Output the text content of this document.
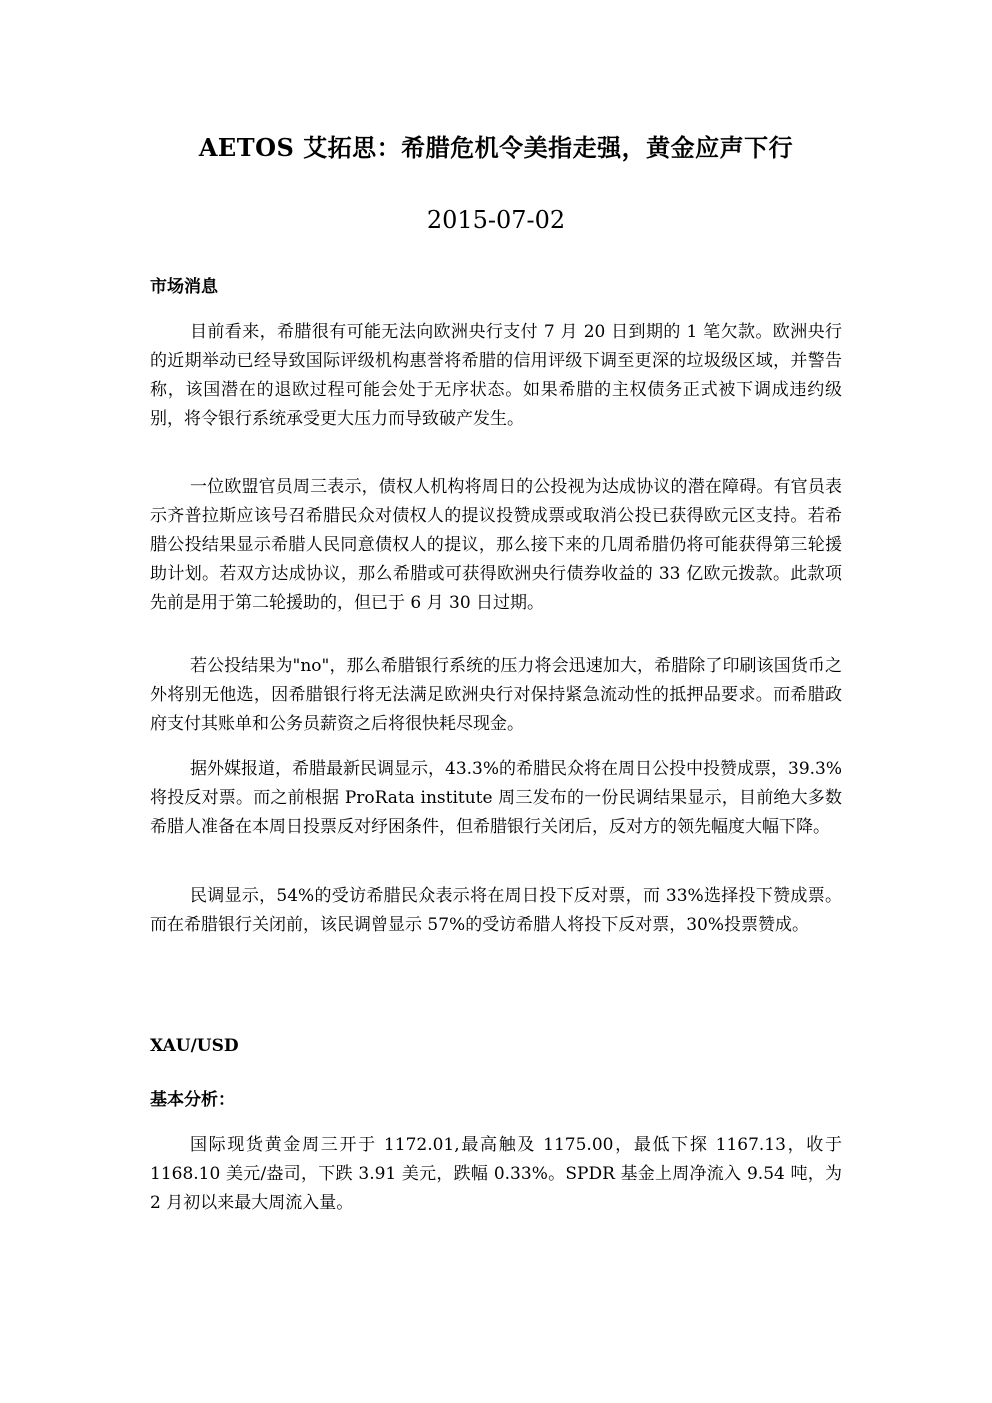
AETOS 艾拓思：希腊危机令美指走强，黄金应声下行
2015-07-02
市场消息

目前看来，希腊很有可能无法向欧洲央行支付 7 月 20 日到期的 1 笔欠款。欧洲央行的近期举动已经导致国际评级机构惠誉将希腊的信用评级下调至更深的垃圾级区域，并警告称，该国潜在的退欧过程可能会处于无序状态。如果希腊的主权债务正式被下调成违约级别，将令银行系统承受更大压力而导致破产发生。

一位欧盟官员周三表示，债权人机构将周日的公投视为达成协议的潜在障碍。有官员表示齐普拉斯应该号召希腊民众对债权人的提议投赞成票或取消公投已获得欧元区支持。若希腊公投结果显示希腊人民同意债权人的提议，那么接下来的几周希腊仍将可能获得第三轮援助计划。若双方达成协议，那么希腊或可获得欧洲央行债券收益的 33 亿欧元拨款。此款项先前是用于第二轮援助的，但已于 6 月 30 日过期。

若公投结果为"no"，那么希腊银行系统的压力将会迅速加大，希腊除了印刷该国货币之外将别无他选，因希腊银行将无法满足欧洲央行对保持紧急流动性的抵押品要求。而希腊政府支付其账单和公务员薪资之后将很快耗尽现金。

据外媒报道，希腊最新民调显示，43.3%的希腊民众将在周日公投中投赞成票，39.3%将投反对票。而之前根据 ProRata institute 周三发布的一份民调结果显示，目前绝大多数希腊人准备在本周日投票反对纾困条件，但希腊银行关闭后，反对方的领先幅度大幅下降。

民调显示，54%的受访希腊民众表示将在周日投下反对票，而 33%选择投下赞成票。而在希腊银行关闭前，该民调曾显示 57%的受访希腊人将投下反对票，30%投票赞成。

XAU/USD
基本分析：

国际现货黄金周三开于 1172.01,最高触及 1175.00，最低下探 1167.13，收于 1168.10 美元/盎司，下跌 3.91 美元，跌幅 0.33%。SPDR 基金上周净流入 9.54 吨，为 2 月初以来最大周流入量。
